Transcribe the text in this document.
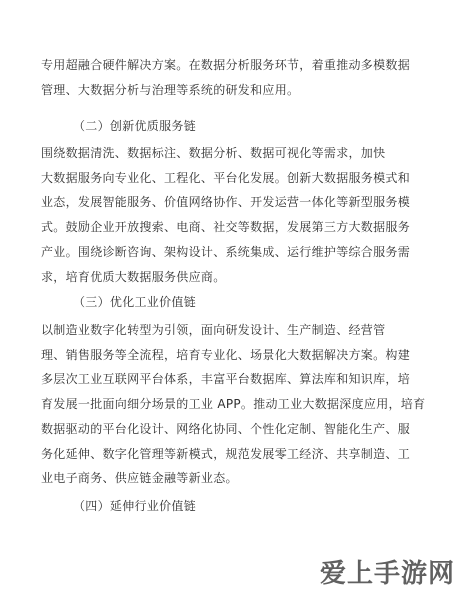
专用超融合硬件解决方案。在数据分析服务环节，着重推动多模数据
管理、大数据分析与治理等系统的研发和应用。
（二）创新优质服务链
围绕数据清洗、数据标注、数据分析、数据可视化等需求，加快
大数据服务向专业化、工程化、平台化发展。创新大数据服务模式和
业态，发展智能服务、价值网络协作、开发运营一体化等新型服务模
式。鼓励企业开放搜索、电商、社交等数据，发展第三方大数据服务
产业。围绕诊断咨询、架构设计、系统集成、运行维护等综合服务需
求，培育优质大数据服务供应商。
（三）优化工业价值链
以制造业数字化转型为引领，面向研发设计、生产制造、经营管
理、销售服务等全流程，培育专业化、场景化大数据解决方案。构建
多层次工业互联网平台体系，丰富平台数据库、算法库和知识库，培
育发展一批面向细分场景的工业 APP。推动工业大数据深度应用，培育
数据驱动的平台化设计、网络化协同、个性化定制、智能化生产、服
务化延伸、数字化管理等新模式，规范发展零工经济、共享制造、工
业电子商务、供应链金融等新业态。
（四）延伸行业价值链
爱上手游网
